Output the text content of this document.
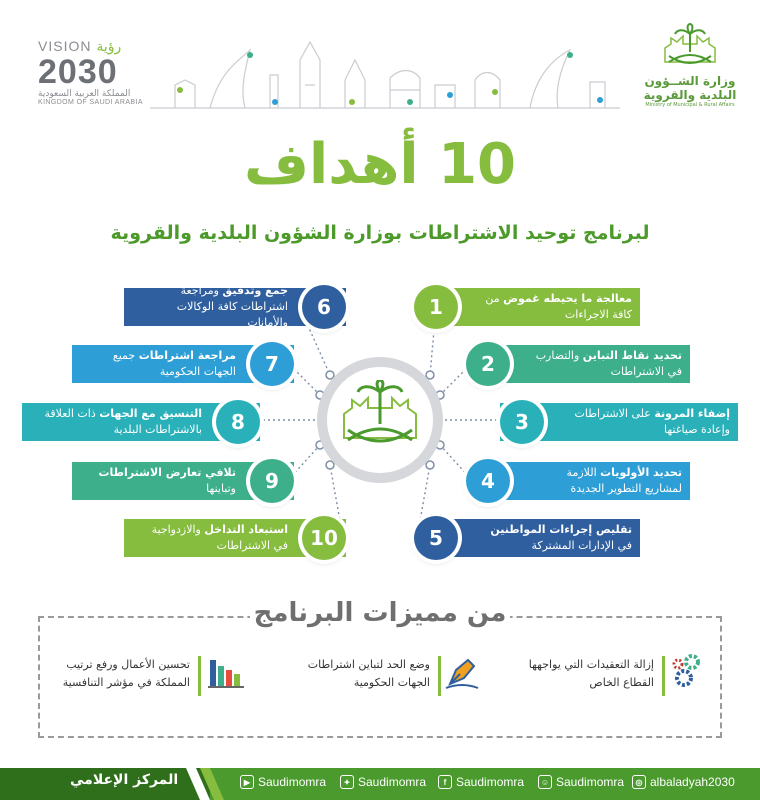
VISION رؤية
2030
المملكة العربية السعودية
KINGDOM OF SAUDI ARABIA
وزارة الشــؤون
البلدية والقروية
Ministry of Municipal & Rural Affairs
10 أهداف
لبرنامج توحيد الاشتراطات بوزارة الشؤون البلدية والقروية
معالجة ما يحيطه غموض من كافة الاجراءات
1
تحديد نقاط التباين والتضارب في الاشتراطات
2
إضفاء المرونة على الاشتراطات وإعادة صياغتها
3
تحديد الأولويات اللازمة لمشاريع التطوير الجديدة
4
تقليص إجراءات المواطنين في الإدارات المشتركة
5
جمع وتدقيق ومراجعة اشتراطات كافة الوكالات والأمانات
6
مراجعة اشتراطات جميع الجهات الحكومية	7
التنسيق مع الجهات ذات العلاقة بالاشتراطات البلدية	8
تلافي تعارض الاشتراطات وتباينها	9
استبعاد التداخل والازدواجية في الاشتراطات	10
من مميزات البرنامج
إزالة التعقيدات التي يواجهها القطاع الخاص
وضع الحد لتباين اشتراطات الجهات الحكومية
تحسين الأعمال ورفع ترتيب المملكة في مؤشر التنافسية
المركز الإعلامي	◎ albaladyah2030
☺ Saudimomra
f Saudimomra
✦ Saudimomra
▶ Saudimomra
